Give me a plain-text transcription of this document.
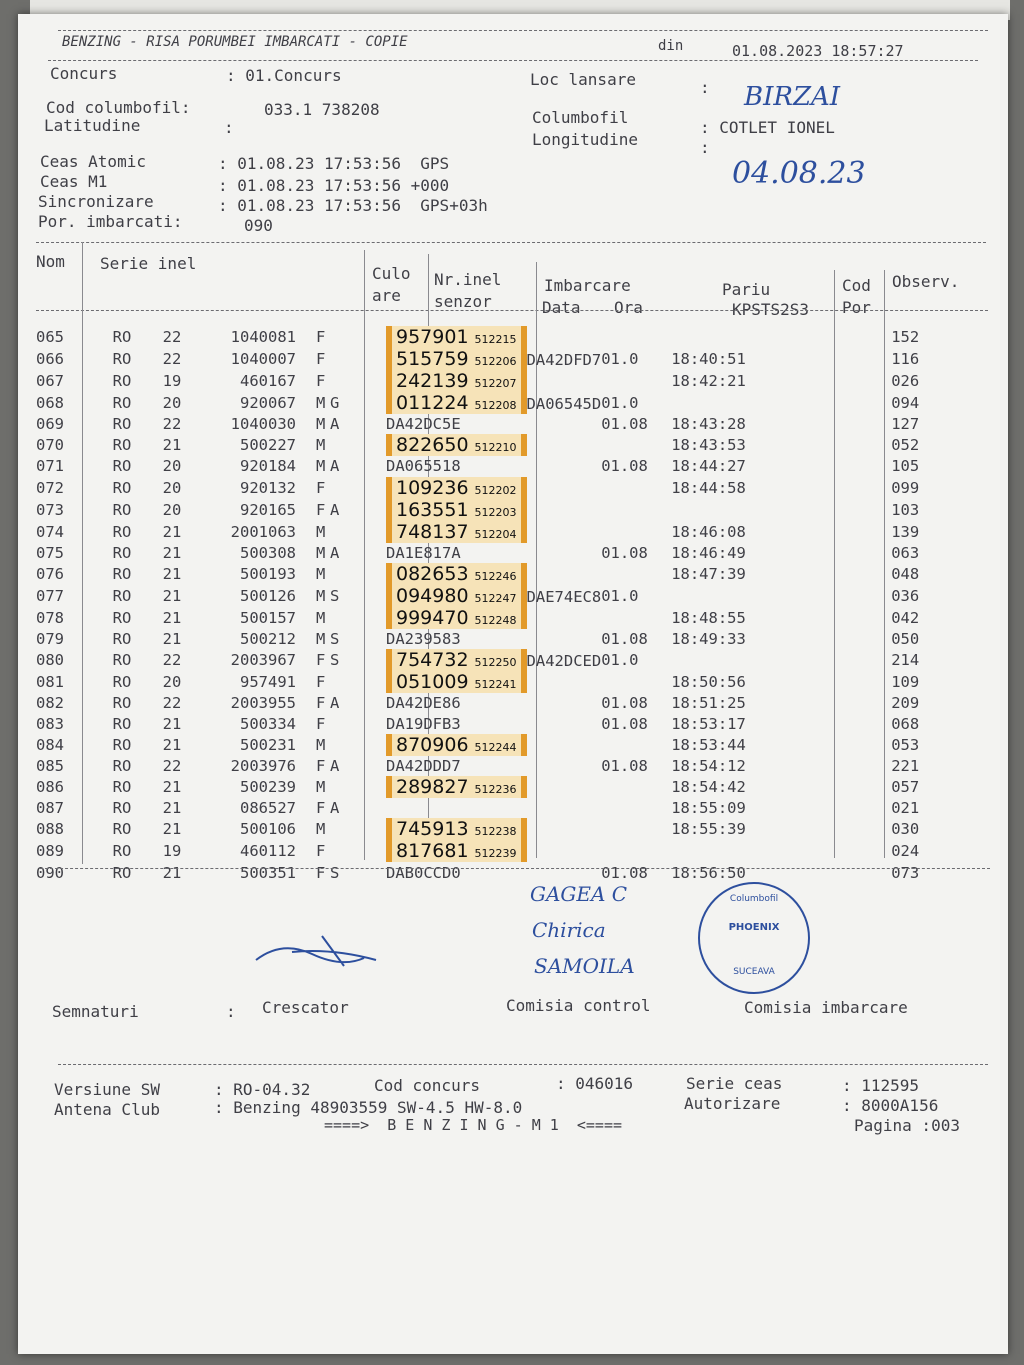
BENZING - RISA PORUMBEI IMBARCATI - COPIE	din	01.08.2023 18:57:27
Concurs	: 01.Concurs	Loc lansare	: BIRZAI
Cod columbofil:	033.1 738208
Latitudine	:
Columbofil
Longitudine
: COTLET IONEL
:
Ceas Atomic	: 01.08.23 17:53:56  GPS
Ceas M1	: 01.08.23 17:53:56 +000
Sincronizare	: 01.08.23 17:53:56  GPS+03h
Por. imbarcati:	090
04.08.23
Nom Serie inel
Culo
are
Nr.inel
senzor
Imbarcare
Data Ora
Pariu
KPSTS2S3
Cod
Por
Observ.
065	RO	22	1040081	F		957901 512215				152
066	RO	22	1040007	F		515759 512206 DA42DFD7	01.0	18:40:51		116
067	RO	19	460167	F		242139 512207		18:42:21		026
068	RO	20	920067	M	G	011224 512208 DA06545D	01.0			094
069	RO	22	1040030	M	A	DA42DC5E	01.08	18:43:28		127
070	RO	21	500227	M		822650 512210		18:43:53		052
071	RO	20	920184	M	A	DA065518	01.08	18:44:27		105
072	RO	20	920132	F		109236 512202		18:44:58		099
073	RO	20	920165	F	A	163551 512203				103
074	RO	21	2001063	M		748137 512204		18:46:08		139
075	RO	21	500308	M	A	DA1E817A	01.08	18:46:49		063
076	RO	21	500193	M		082653 512246		18:47:39		048
077	RO	21	500126	M	S	094980 512247 DAE74EC8	01.0			036
078	RO	21	500157	M		999470 512248		18:48:55		042
079	RO	21	500212	M	S	DA239583	01.08	18:49:33		050
080	RO	22	2003967	F	S	754732 512250 DA42DCED	01.0			214
081	RO	20	957491	F		051009 512241		18:50:56		109
082	RO	22	2003955	F	A	DA42DE86	01.08	18:51:25		209
083	RO	21	500334	F		DA19DFB3	01.08	18:53:17		068
084	RO	21	500231	M		870906 512244		18:53:44		053
085	RO	22	2003976	F	A	DA42DDD7	01.08	18:54:12		221
086	RO	21	500239	M		289827 512236		18:54:42		057
087	RO	21	086527	F	A			18:55:09		021
088	RO	21	500106	M		745913 512238		18:55:39		030
089	RO	19	460112	F		817681 512239				024
090	RO	21	500351	F	S	DAB0CCD0	01.08	18:56:50		073
GAGEA C
Chirica
SAMOILA
Columbofil
PHOENIX
SUCEAVA
Semnaturi	: Crescator	Comisia control	Comisia imbarcare
Versiune SW	: RO-04.32	Cod concurs	: 046016	Serie ceas	: 112595
Antena Club	: Benzing 48903559 SW-4.5 HW-8.0	Autorizare	: 8000A156
====>  B E N Z I N G - M 1  <====	Pagina :003
